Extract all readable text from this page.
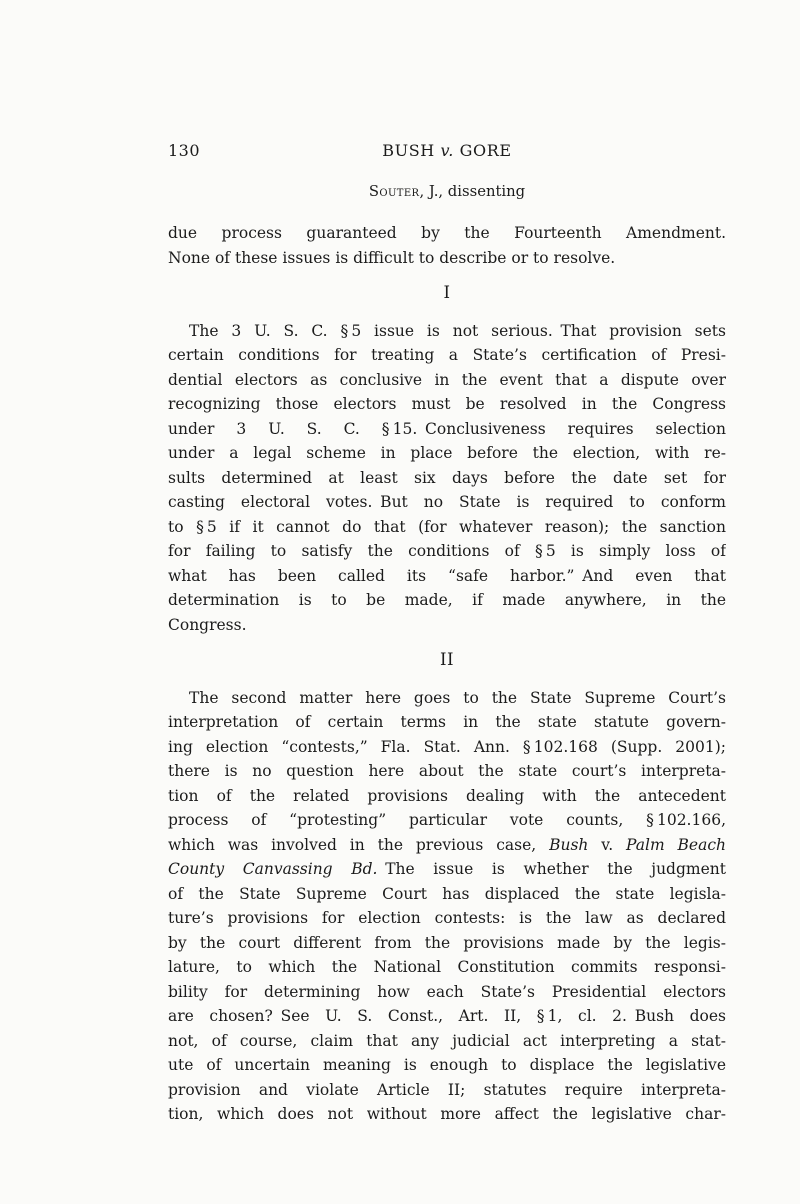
130	BUSH v. GORE
Souter, J., dissenting
due process guaranteed by the Fourteenth Amendment.
None of these issues is difficult to describe or to resolve.
I
The 3 U. S. C. § 5 issue is not serious. That provision sets
certain conditions for treating a State’s certification of Presi-
dential electors as conclusive in the event that a dispute over
recognizing those electors must be resolved in the Congress
under 3 U. S. C. § 15. Conclusiveness requires selection
under a legal scheme in place before the election, with re-
sults determined at least six days before the date set for
casting electoral votes. But no State is required to conform
to § 5 if it cannot do that (for whatever reason); the sanction
for failing to satisfy the conditions of § 5 is simply loss of
what has been called its “safe harbor.” And even that
determination is to be made, if made anywhere, in the
Congress.
II
The second matter here goes to the State Supreme Court’s
interpretation of certain terms in the state statute govern-
ing election “contests,” Fla. Stat. Ann. § 102.168 (Supp. 2001);
there is no question here about the state court’s interpreta-
tion of the related provisions dealing with the antecedent
process of “protesting” particular vote counts, § 102.166,
which was involved in the previous case, Bush v. Palm Beach
County Canvassing Bd. The issue is whether the judgment
of the State Supreme Court has displaced the state legisla-
ture’s provisions for election contests: is the law as declared
by the court different from the provisions made by the legis-
lature, to which the National Constitution commits responsi-
bility for determining how each State’s Presidential electors
are chosen? See U. S. Const., Art. II, § 1, cl. 2. Bush does
not, of course, claim that any judicial act interpreting a stat-
ute of uncertain meaning is enough to displace the legislative
provision and violate Article II; statutes require interpreta-
tion, which does not without more affect the legislative char-
